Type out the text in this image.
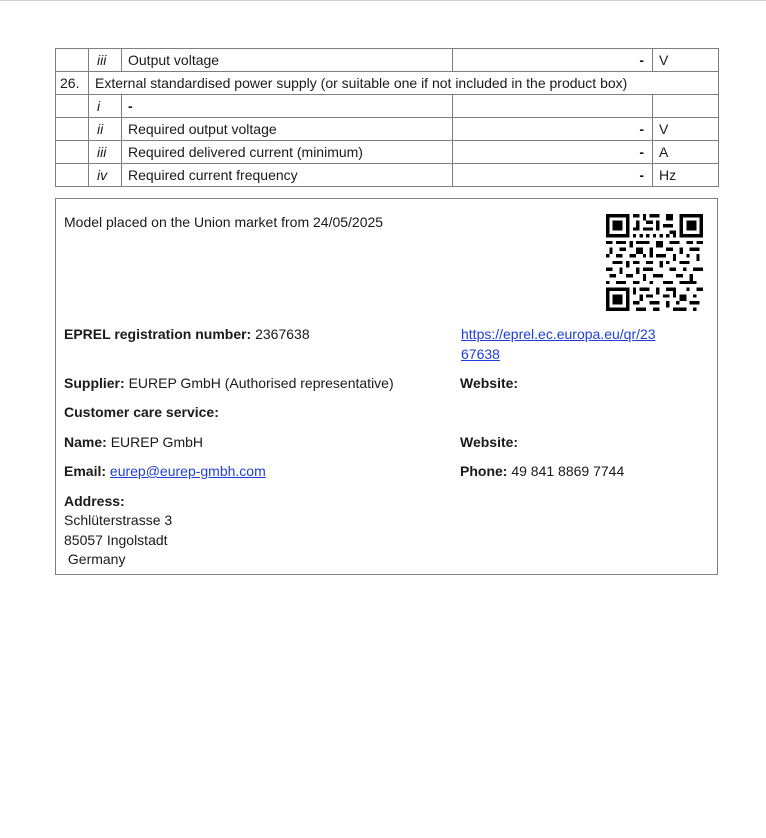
	iii	Output voltage	-	V
26.	External standardised power supply (or suitable one if not included in the product box)			
	i	-		
	ii	Required output voltage	-	V
	iii	Required delivered current (minimum)	-	A
	iv	Required current frequency	-	Hz
Model placed on the Union market from 24/05/2025
EPREL registration number: 2367638	https://eprel.ec.europa.eu/qr/23
67638
Supplier: EUREP GmbH (Authorised representative)	Website:
Customer care service:
Name: EUREP GmbH	Website:
Email: eurep@eurep-gmbh.com	Phone: 49 841 8869 7744
Address:
Schlüterstrasse 3
85057 Ingolstadt
Germany
